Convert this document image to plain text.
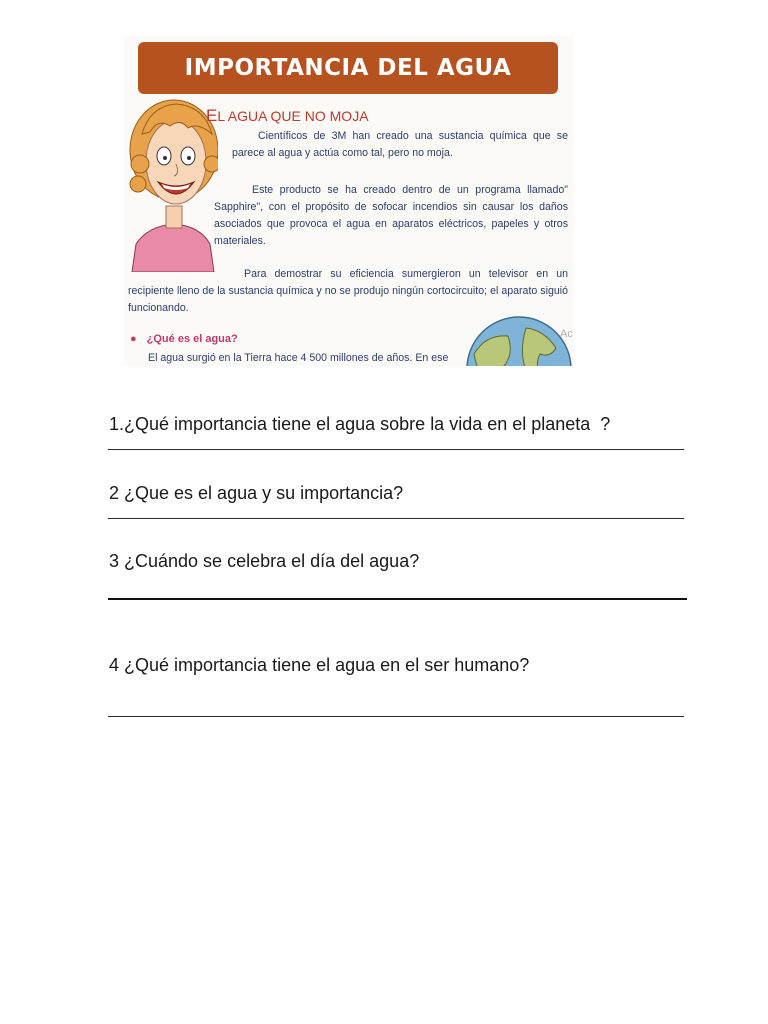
IMPORTANCIA DEL AGUA
EL AGUA QUE NO MOJA

Científicos de 3M han creado una sustancia química que se parece al agua y actúa como tal, pero no moja.

Este producto se ha creado dentro de un programa llamado" Sapphire", con el propósito de sofocar incendios sin causar los daños asociados que provoca el agua en aparatos eléctricos, papeles y otros materiales.

Para demostrar su eficiencia sumergieron un televisor en un recipiente lleno de la sustancia química y no se produjo ningún cortocircuito; el aparato siguió funcionando.

● ¿Qué es el agua?
El agua surgió en la Tierra hace 4 500 millones de años. En ese
Ac
1.¿Qué importancia tiene el agua sobre la vida en el planeta  ?
2 ¿Que es el agua y su importancia?
3 ¿Cuándo se celebra el día del agua?
4 ¿Qué importancia tiene el agua en el ser humano?
